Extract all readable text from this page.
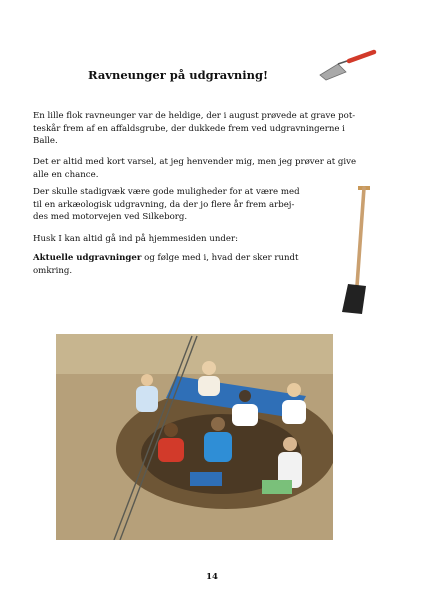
Ravneunger på udgravning!

En lille flok ravneunger var de heldige, der i august prøvede at grave pot-
teskår frem af en affaldsgrube, der dukkede frem ved udgravningerne i
Balle.

Det er altid med kort varsel, at jeg henvender mig, men jeg prøver at give
alle en chance.

Der skulle stadigvæk være gode muligheder for at være med
til en arkæologisk udgravning, da der jo flere år frem arbej-
des med motorvejen ved Silkeborg.

Husk I kan altid gå ind på hjemmesiden under:

Aktuelle udgravninger og følge med i, hvad der sker rundt
omkring.

14
